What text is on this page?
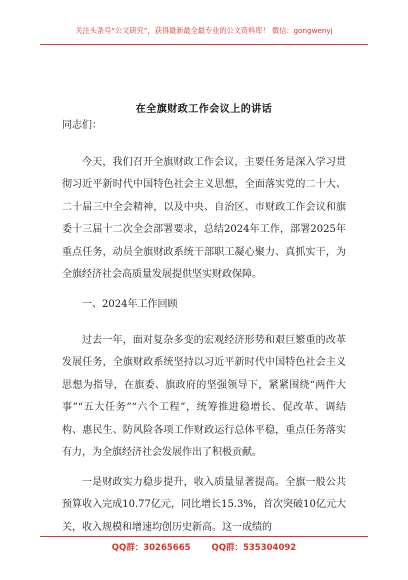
关注头条号“公文研究”，获得最新最全最专业的公文资料库！ 微信：gongwenyj
在全旗财政工作会议上的讲话
同志们：
今天，我们召开全旗财政工作会议，主要任务是深入学习贯彻习近平新时代中国特色社会主义思想，全面落实党的二十大、二十届三中全会精神，以及中央、自治区、市财政工作会议和旗委十三届十二次全会部署要求，总结2024年工作，部署2025年重点任务，动员全旗财政系统干部职工凝心聚力、真抓实干，为全旗经济社会高质量发展提供坚实财政保障。
一、2024年工作回顾
过去一年，面对复杂多变的宏观经济形势和艰巨繁重的改革发展任务，全旗财政系统坚持以习近平新时代中国特色社会主义思想为指导，在旗委、旗政府的坚强领导下，紧紧围绕“两件大事”“五大任务”“六个工程”，统筹推进稳增长、促改革、调结构、惠民生、防风险各项工作财政运行总体平稳，重点任务落实有力，为全旗经济社会发展作出了积极贡献。
一是财政实力稳步提升，收入质量显著提高。全旗一般公共预算收入完成10.77亿元，同比增长15.3%，首次突破10亿元大关，收入规模和增速均创历史新高。这一成绩的
QQ群：30265665 QQ群：535304092
